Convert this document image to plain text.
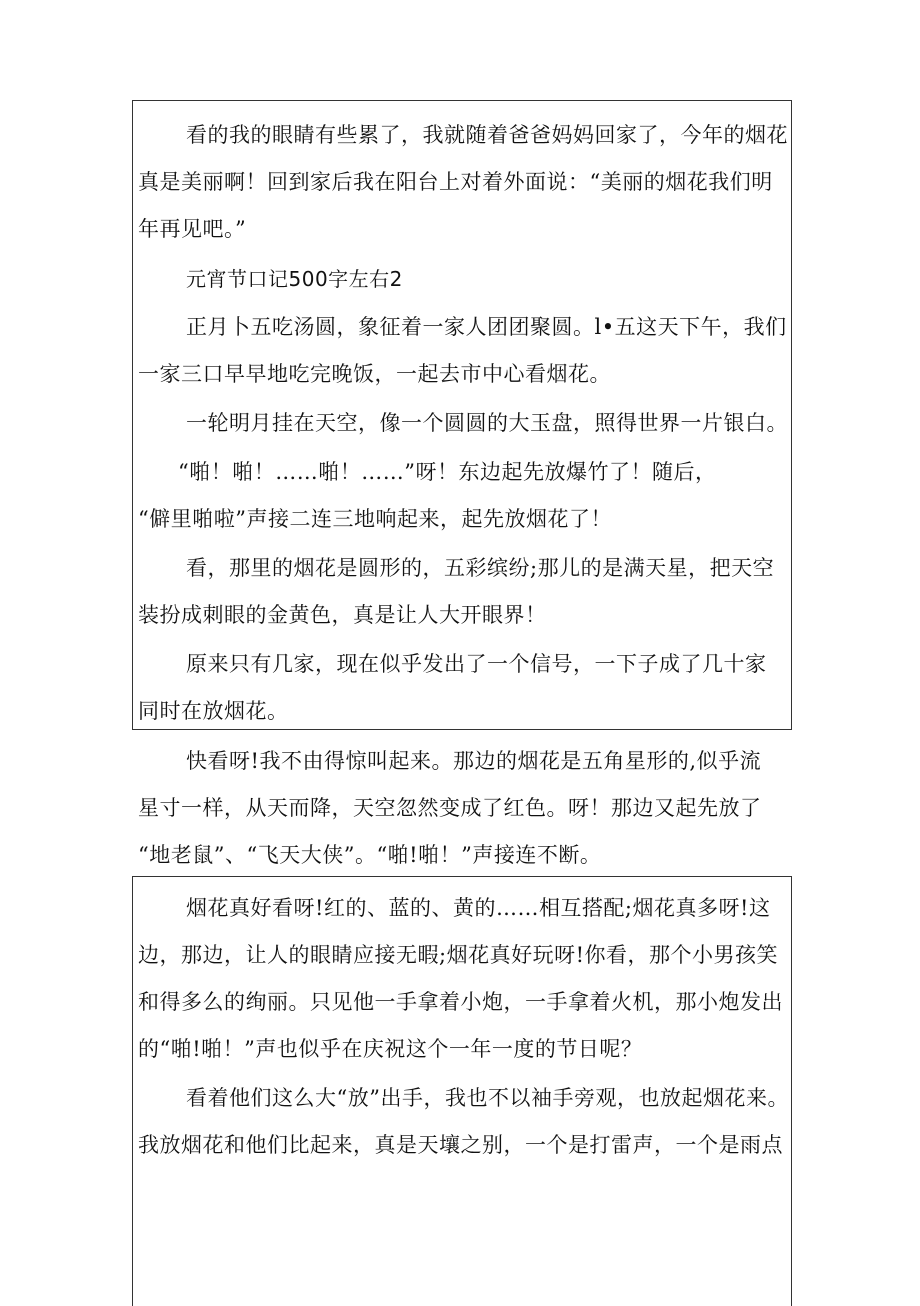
看的我的眼睛有些累了，我就随着爸爸妈妈回家了，今年的烟花
真是美丽啊！回到家后我在阳台上对着外面说：“美丽的烟花我们明
年再见吧。”
元宵节口记500字左右2
正月卜五吃汤圆，象征着一家人团团聚圆。l•五这天下午，我们
一家三口早早地吃完晚饭，一起去市中心看烟花。
一轮明月挂在天空，像一个圆圆的大玉盘，照得世界一片银白。
“啪！啪！……啪！……”呀！东边起先放爆竹了！随后，
“僻里啪啦”声接二连三地响起来，起先放烟花了！
看，那里的烟花是圆形的，五彩缤纷;那儿的是满天星，把天空
装扮成刺眼的金黄色，真是让人大开眼界！
原来只有几家，现在似乎发出了一个信号，一下子成了几十家
同时在放烟花。
快看呀!我不由得惊叫起来。那边的烟花是五角星形的,似乎流
星寸一样，从天而降，天空忽然变成了红色。呀！那边又起先放了
“地老鼠”、“飞天大侠”。“啪!啪！”声接连不断。
烟花真好看呀!红的、蓝的、黄的……相互搭配;烟花真多呀!这
边，那边，让人的眼睛应接无暇;烟花真好玩呀!你看，那个小男孩笑
和得多么的绚丽。只见他一手拿着小炮，一手拿着火机，那小炮发出
的“啪!啪！”声也似乎在庆祝这个一年一度的节日呢？
看着他们这么大“放”出手，我也不以袖手旁观，也放起烟花来。
我放烟花和他们比起来，真是天壤之别，一个是打雷声，一个是雨点
